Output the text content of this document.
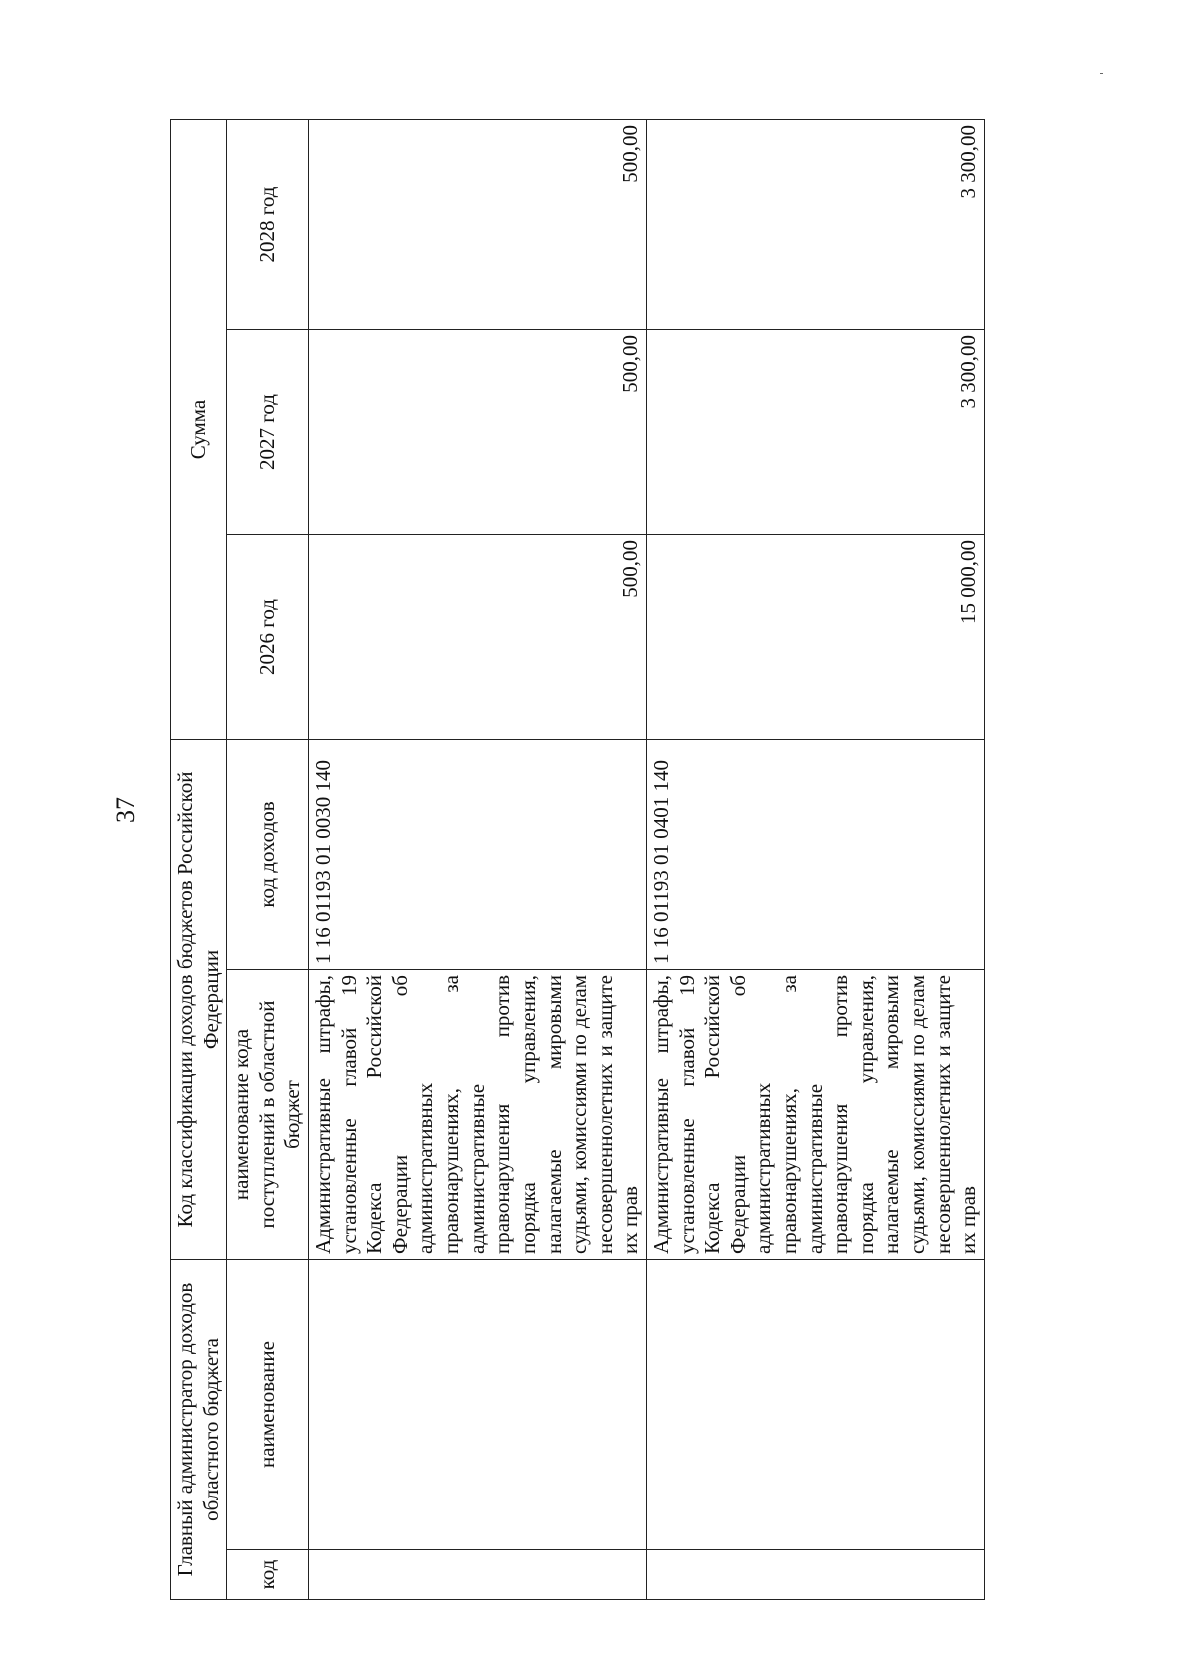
37
Главный администратор доходов областного бюджета		Код классификации доходов бюджетов Российской Федерации		Сумма		
код	наименование	наименование кода поступлений в областной бюджет	код доходов	2026 год	2027 год	2028 год
		Административные штрафы, установленные главой 19 Кодекса Российской Федерации об административных правонарушениях, за административные правонарушения против порядка управления, налагаемые мировыми судьями, комиссиями по делам несовершеннолетних и защите их прав	1 16 01193 01 0030 140	500,00	500,00	500,00
		Административные штрафы, установленные главой 19 Кодекса Российской Федерации об административных правонарушениях, за административные правонарушения против порядка управления, налагаемые мировыми судьями, комиссиями по делам несовершеннолетних и защите их прав	1 16 01193 01 0401 140	15 000,00	3 300,00	3 300,00
